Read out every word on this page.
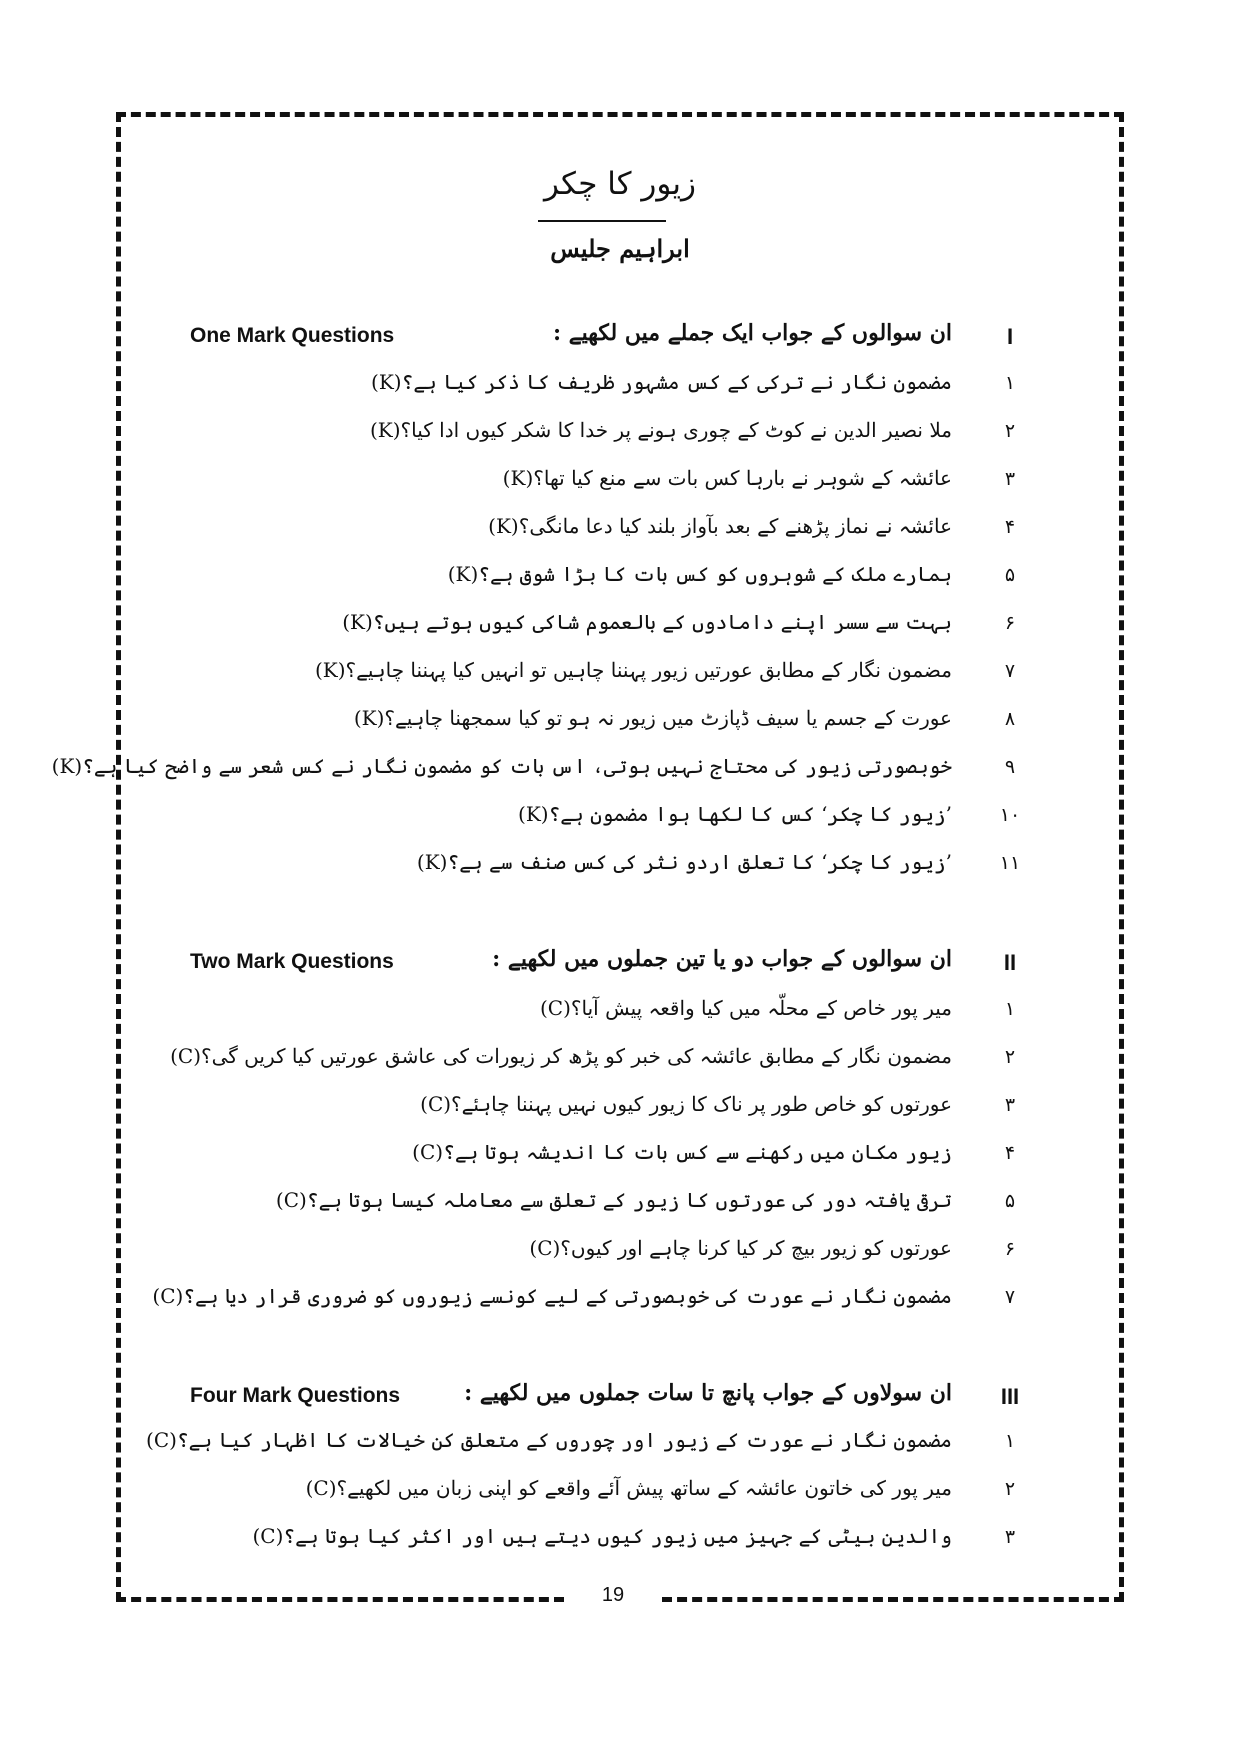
19
زیور کا چکر
ابراہیم جلیس
I
ان سوالوں کے جواب ایک جملے میں لکھیے :
One Mark Questions
۱
مضمون نگار نے ترکی کے کس مشہور ظریف کا ذکر کیا ہے؟(K)
۲
ملا نصیر الدین نے کوٹ کے چوری ہونے پر خدا کا شکر کیوں ادا کیا؟(K)
۳
عائشہ کے شوہر نے بارہا کس بات سے منع کیا تھا؟(K)
۴
عائشہ نے نماز پڑھنے کے بعد بآواز بلند کیا دعا مانگی؟(K)
۵
ہمارے ملک کے شوہروں کو کس بات کا بڑا شوق ہے؟(K)
۶
بہت سے سسر اپنے دامادوں کے بالعموم شاکی کیوں ہوتے ہیں؟(K)
۷
مضمون نگار کے مطابق عورتیں زیور پہننا چاہیں تو انہیں کیا پہننا چاہیے؟(K)
۸
عورت کے جسم یا سیف ڈپازٹ میں زیور نہ ہو تو کیا سمجھنا چاہیے؟(K)
۹
خوبصورتی زیور کی محتاج نہیں ہوتی، اس بات کو مضمون نگار نے کس شعر سے واضح کیا ہے؟(K)
۱۰
’زیور کا چکر‘ کس کا لکھا ہوا مضمون ہے؟(K)
۱۱
’زیور کا چکر‘ کا تعلق اردو نثر کی کس صنف سے ہے؟(K)
II
ان سوالوں کے جواب دو یا تین جملوں میں لکھیے :
Two Mark Questions
۱
میر پور خاص کے محلّہ میں کیا واقعہ پیش آیا؟(C)
۲
مضمون نگار کے مطابق عائشہ کی خبر کو پڑھ کر زیورات کی عاشق عورتیں کیا کریں گی؟(C)
۳
عورتوں کو خاص طور پر ناک کا زیور کیوں نہیں پہننا چاہئے؟(C)
۴
زیور مکان میں رکھنے سے کس بات کا اندیشہ ہوتا ہے؟(C)
۵
ترقی یافتہ دور کی عورتوں کا زیور کے تعلق سے معاملہ کیسا ہوتا ہے؟(C)
۶
عورتوں کو زیور بیچ کر کیا کرنا چاہے اور کیوں؟(C)
۷
مضمون نگار نے عورت کی خوبصورتی کے لیے کونسے زیوروں کو ضروری قرار دیا ہے؟(C)
III
ان سولاوں کے جواب پانچ تا سات جملوں میں لکھیے :
Four Mark Questions
۱
مضمون نگار نے عورت کے زیور اور چوروں کے متعلق کن خیالات کا اظہار کیا ہے؟(C)
۲
میر پور کی خاتون عائشہ کے ساتھ پیش آئے واقعے کو اپنی زبان میں لکھیے؟(C)
۳
والدین بیٹی کے جہیز میں زیور کیوں دیتے ہیں اور اکثر کیا ہوتا ہے؟(C)
